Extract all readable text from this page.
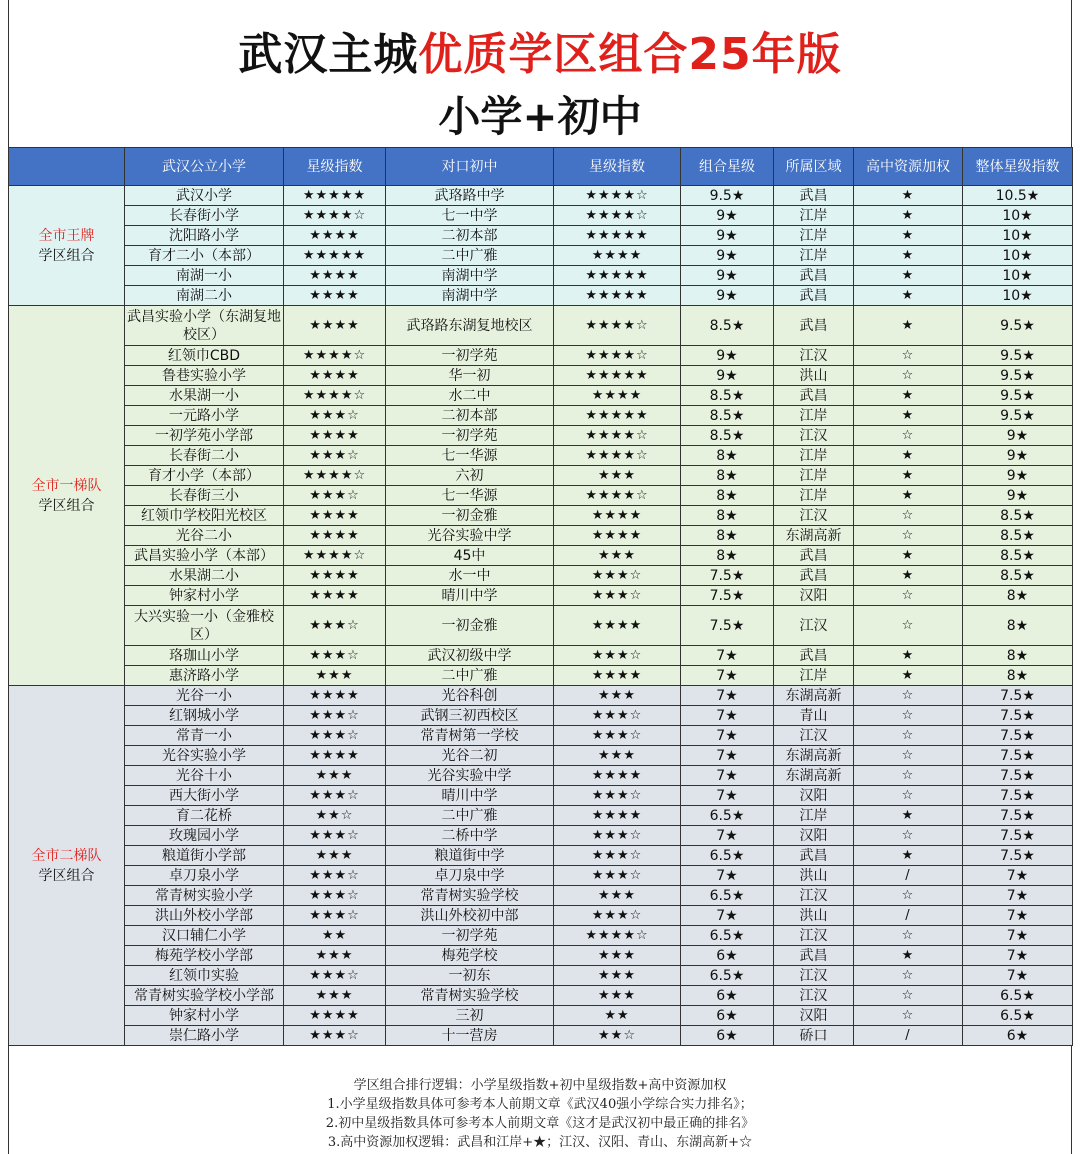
武汉主城优质学区组合25年版
小学+初中
	武汉公立小学	星级指数	对口初中	星级指数	组合星级	所属区域	高中资源加权	整体星级指数

全市王牌
学区组合	武汉小学	★★★★★	武珞路中学	★★★★☆	9.5★	武昌	★	10.5★
	长春街小学	★★★★☆	七一中学	★★★★☆	9★	江岸	★	10★
	沈阳路小学	★★★★	二初本部	★★★★★	9★	江岸	★	10★
	育才二小（本部）	★★★★★	二中广雅	★★★★	9★	江岸	★	10★
	南湖一小	★★★★	南湖中学	★★★★★	9★	武昌	★	10★
	南湖二小	★★★★	南湖中学	★★★★★	9★	武昌	★	10★

全市一梯队
学区组合	武昌实验小学（东湖复地校区）	★★★★	武珞路东湖复地校区	★★★★☆	8.5★	武昌	★	9.5★
	红领巾CBD	★★★★☆	一初学苑	★★★★☆	9★	江汉	☆	9.5★
	鲁巷实验小学	★★★★	华一初	★★★★★	9★	洪山	☆	9.5★
	水果湖一小	★★★★☆	水二中	★★★★	8.5★	武昌	★	9.5★
	一元路小学	★★★☆	二初本部	★★★★★	8.5★	江岸	★	9.5★
	一初学苑小学部	★★★★	一初学苑	★★★★☆	8.5★	江汉	☆	9★
	长春街二小	★★★☆	七一华源	★★★★☆	8★	江岸	★	9★
	育才小学（本部）	★★★★☆	六初	★★★	8★	江岸	★	9★
	长春街三小	★★★☆	七一华源	★★★★☆	8★	江岸	★	9★
	红领巾学校阳光校区	★★★★	一初金雅	★★★★	8★	江汉	☆	8.5★
	光谷二小	★★★★	光谷实验中学	★★★★	8★	东湖高新	☆	8.5★
	武昌实验小学（本部）	★★★★☆	45中	★★★	8★	武昌	★	8.5★
	水果湖二小	★★★★	水一中	★★★☆	7.5★	武昌	★	8.5★
	钟家村小学	★★★★	晴川中学	★★★☆	7.5★	汉阳	☆	8★
	大兴实验一小（金雅校区）	★★★☆	一初金雅	★★★★	7.5★	江汉	☆	8★
	珞珈山小学	★★★☆	武汉初级中学	★★★☆	7★	武昌	★	8★
	惠济路小学	★★★	二中广雅	★★★★	7★	江岸	★	8★

全市二梯队
学区组合	光谷一小	★★★★	光谷科创	★★★	7★	东湖高新	☆	7.5★
	红钢城小学	★★★☆	武钢三初西校区	★★★☆	7★	青山	☆	7.5★
	常青一小	★★★☆	常青树第一学校	★★★☆	7★	江汉	☆	7.5★
	光谷实验小学	★★★★	光谷二初	★★★	7★	东湖高新	☆	7.5★
	光谷十小	★★★	光谷实验中学	★★★★	7★	东湖高新	☆	7.5★
	西大街小学	★★★☆	晴川中学	★★★☆	7★	汉阳	☆	7.5★
	育二花桥	★★☆	二中广雅	★★★★	6.5★	江岸	★	7.5★
	玫瑰园小学	★★★☆	二桥中学	★★★☆	7★	汉阳	☆	7.5★
	粮道街小学部	★★★	粮道街中学	★★★☆	6.5★	武昌	★	7.5★
	卓刀泉小学	★★★☆	卓刀泉中学	★★★☆	7★	洪山	/	7★
	常青树实验小学	★★★☆	常青树实验学校	★★★	6.5★	江汉	☆	7★
	洪山外校小学部	★★★☆	洪山外校初中部	★★★☆	7★	洪山	/	7★
	汉口辅仁小学	★★	一初学苑	★★★★☆	6.5★	江汉	☆	7★
	梅苑学校小学部	★★★	梅苑学校	★★★	6★	武昌	★	7★
	红领巾实验	★★★☆	一初东	★★★	6.5★	江汉	☆	7★
	常青树实验学校小学部	★★★	常青树实验学校	★★★	6★	江汉	☆	6.5★
	钟家村小学	★★★★	三初	★★	6★	汉阳	☆	6.5★
	崇仁路小学	★★★☆	十一营房	★★☆	6★	硚口	/	6★
学区组合排行逻辑：小学星级指数+初中星级指数+高中资源加权
1.小学星级指数具体可参考本人前期文章《武汉40强小学综合实力排名》；
2.初中星级指数具体可参考本人前期文章《这才是武汉初中最正确的排名》
3.高中资源加权逻辑：武昌和江岸+★；江汉、汉阳、青山、东湖高新+☆
